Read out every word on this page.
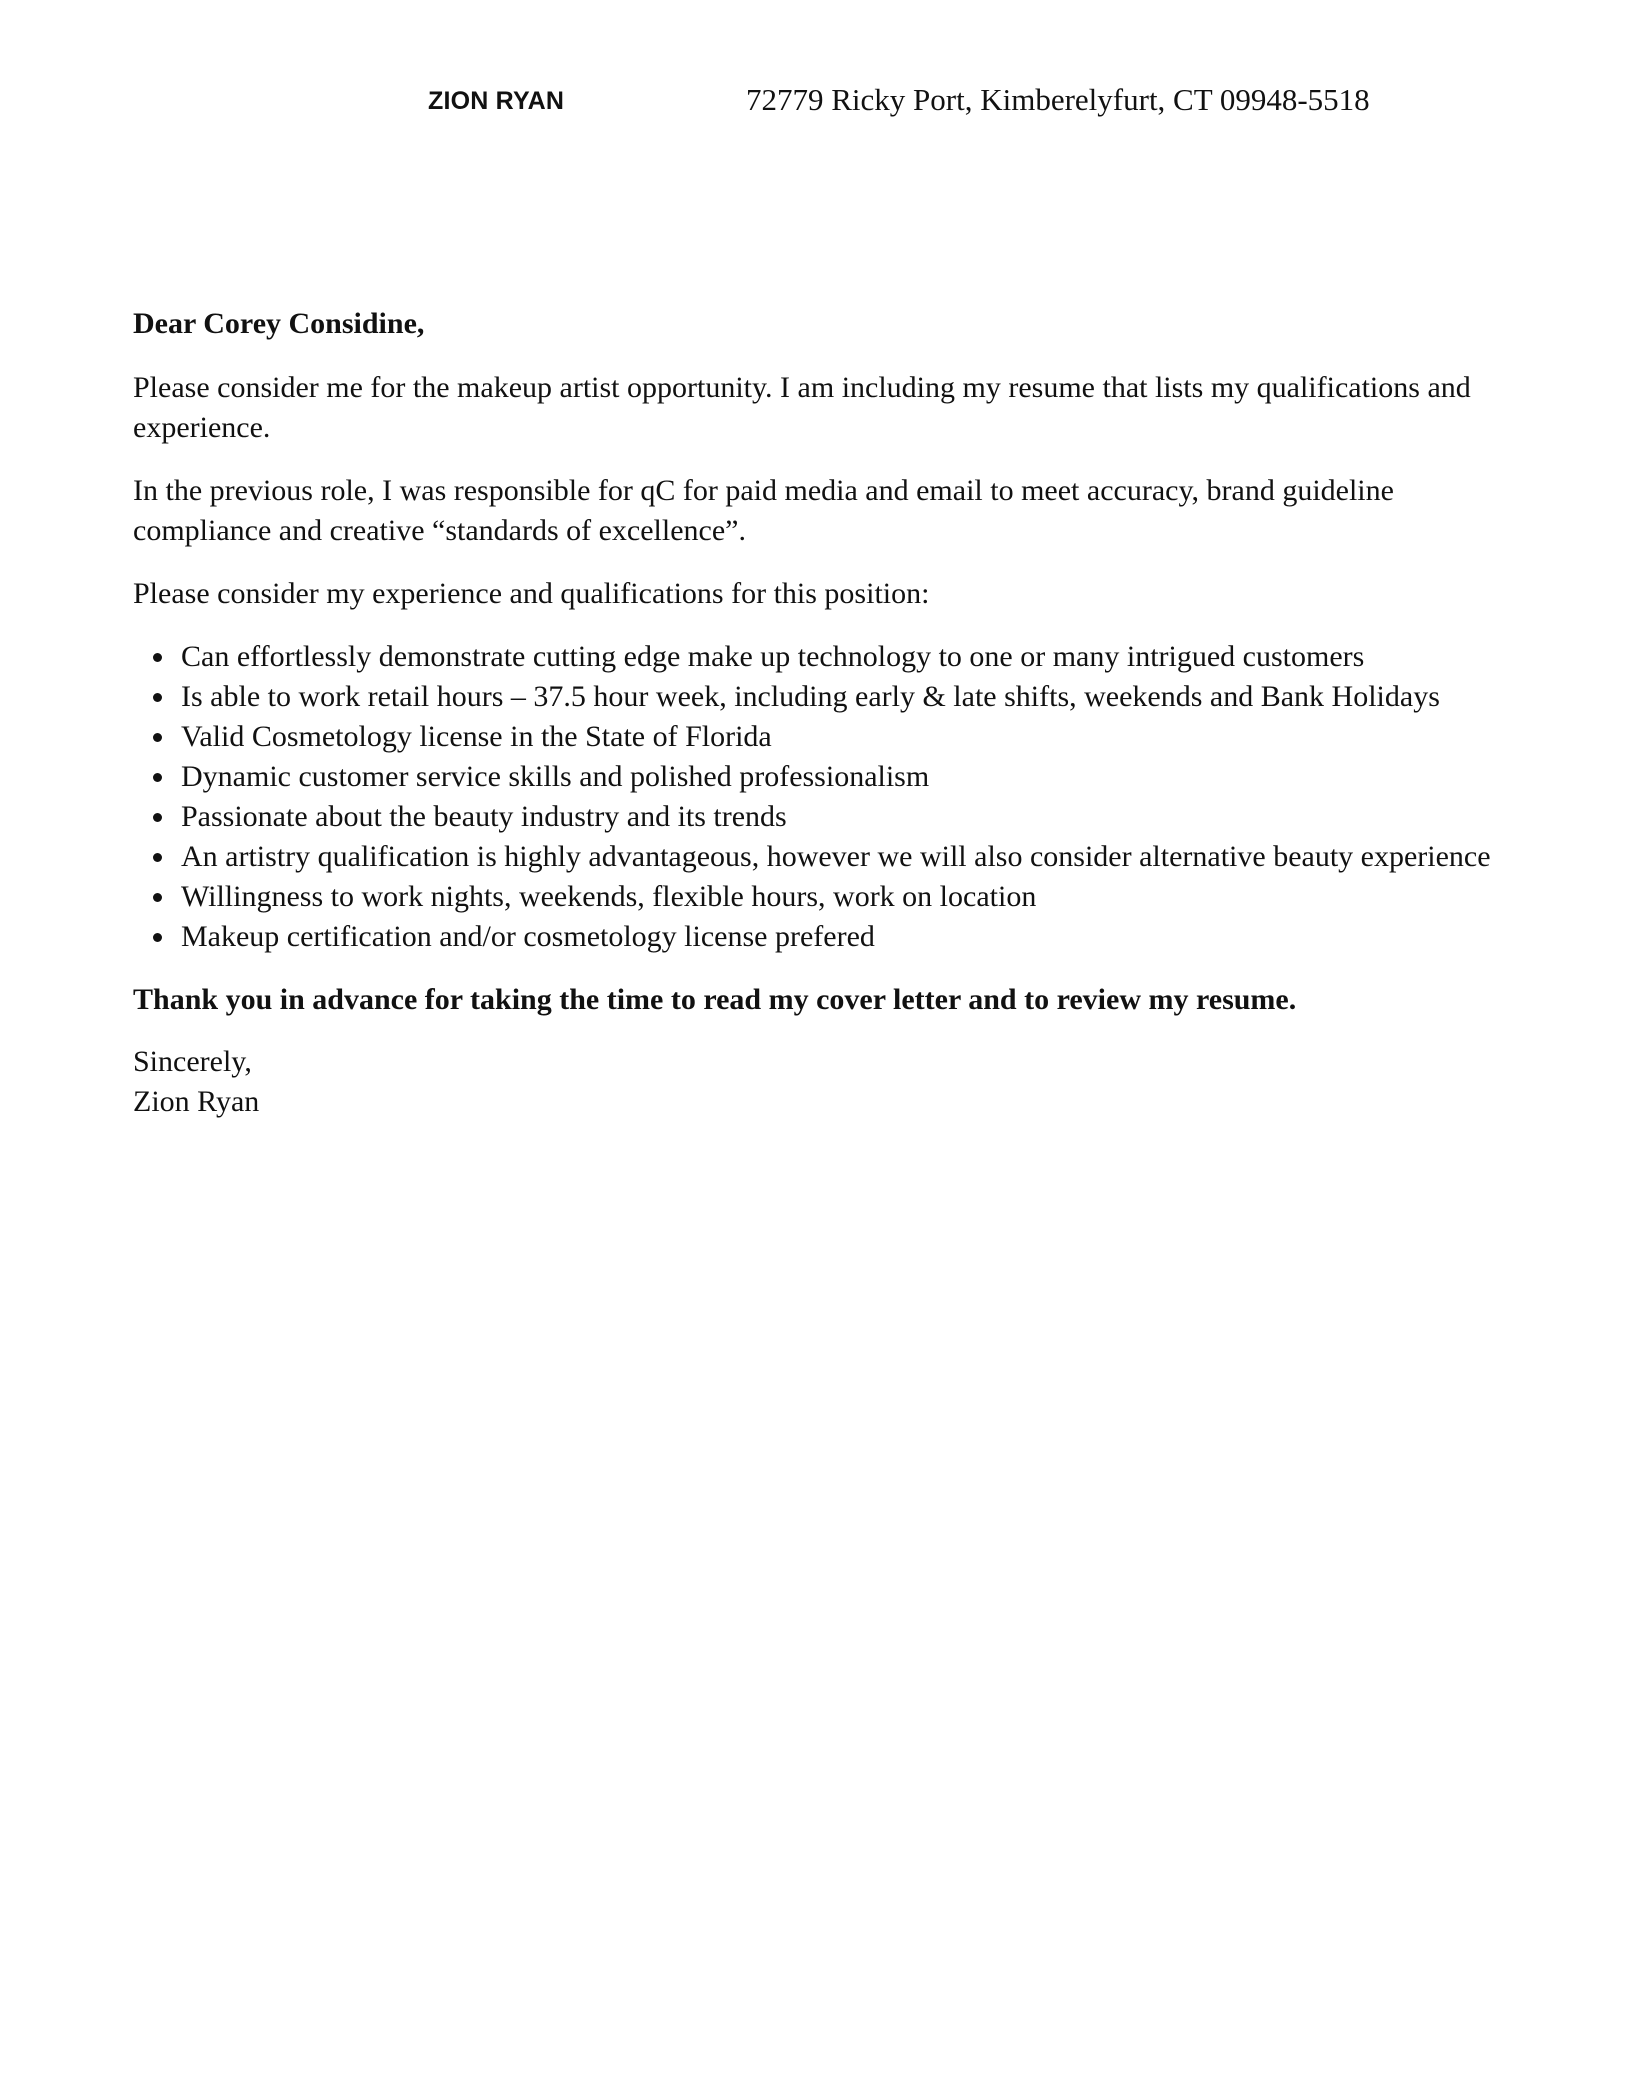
ZION RYAN	72779 Ricky Port, Kimberelyfurt, CT 09948-5518

Dear Corey Considine,

Please consider me for the makeup artist opportunity. I am including my resume that lists my qualifications and experience.

In the previous role, I was responsible for qC for paid media and email to meet accuracy, brand guideline compliance and creative “standards of excellence”.

Please consider my experience and qualifications for this position:

Can effortlessly demonstrate cutting edge make up technology to one or many intrigued customers
Is able to work retail hours – 37.5 hour week, including early & late shifts, weekends and Bank Holidays
Valid Cosmetology license in the State of Florida
Dynamic customer service skills and polished professionalism
Passionate about the beauty industry and its trends
An artistry qualification is highly advantageous, however we will also consider alternative beauty experience
Willingness to work nights, weekends, flexible hours, work on location
Makeup certification and/or cosmetology license prefered

Thank you in advance for taking the time to read my cover letter and to review my resume.

Sincerely,

Zion Ryan
